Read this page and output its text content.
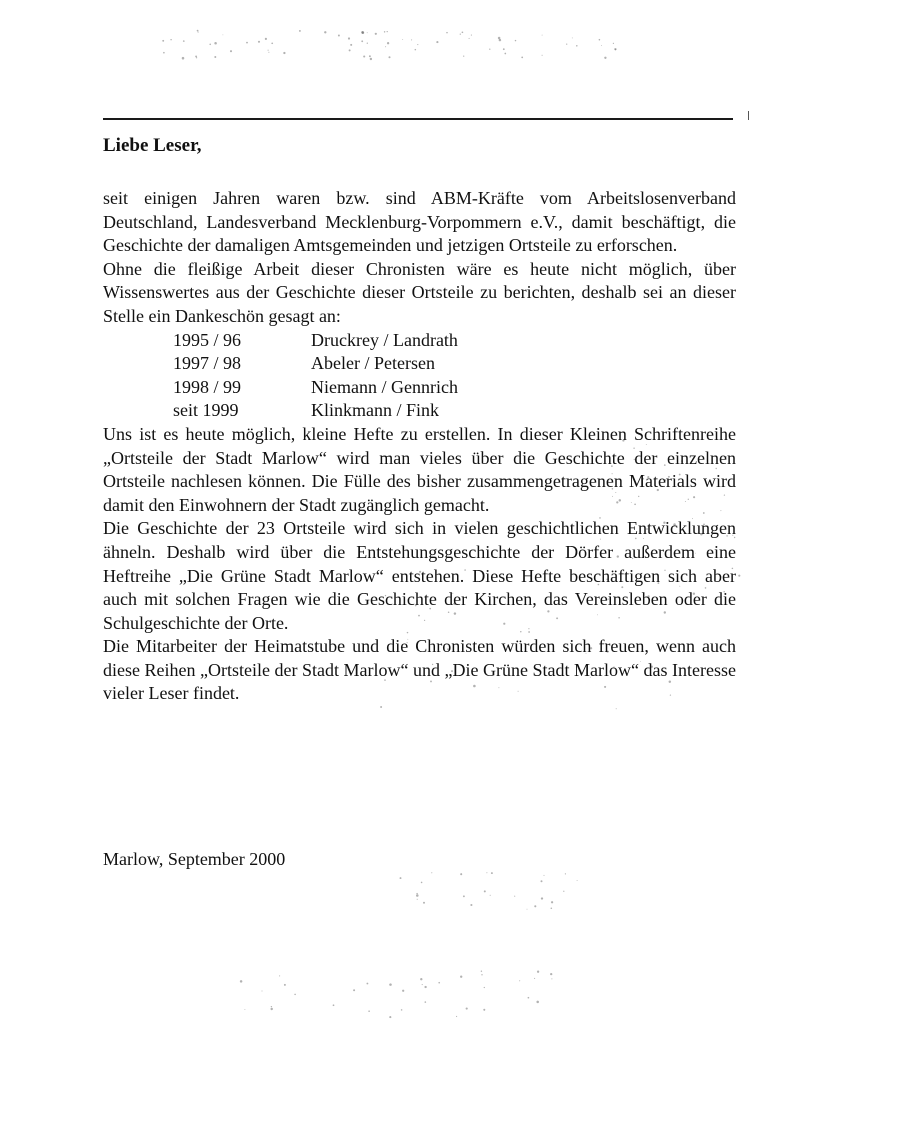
Liebe Leser,

seit einigen Jahren waren bzw. sind ABM-Kräfte vom Arbeitslosenverband Deutschland, Landesverband Mecklenburg-Vorpommern e.V., damit beschäftigt, die Geschichte der damaligen Amtsgemeinden und jetzigen Ortsteile zu erforschen.

Ohne die fleißige Arbeit dieser Chronisten wäre es heute nicht möglich, über Wissenswertes aus der Geschichte dieser Ortsteile zu berichten, deshalb sei an dieser Stelle ein Dankeschön gesagt an:

1995 / 96	Druckrey / Landrath
1997 / 98	Abeler / Petersen
1998 / 99	Niemann / Gennrich
seit 1999	Klinkmann / Fink

Uns ist es heute möglich, kleine Hefte zu erstellen. In dieser Kleinen Schriftenreihe „Ortsteile der Stadt Marlow“ wird man vieles über die Geschichte der einzelnen Ortsteile nachlesen können. Die Fülle des bisher zusammengetragenen Materials wird damit den Einwohnern der Stadt zugänglich gemacht.

Die Geschichte der 23 Ortsteile wird sich in vielen geschichtlichen Entwicklungen ähneln. Deshalb wird über die Entstehungsgeschichte der Dörfer außerdem eine Heftreihe „Die Grüne Stadt Marlow“ entstehen. Diese Hefte beschäftigen sich aber auch mit solchen Fragen wie die Geschichte der Kirchen, das Vereinsleben oder die Schulgeschichte der Orte.

Die Mitarbeiter der Heimatstube und die Chronisten würden sich freuen, wenn auch diese Reihen „Ortsteile der Stadt Marlow“ und „Die Grüne Stadt Marlow“ das Interesse vieler Leser findet.

Marlow, September 2000
